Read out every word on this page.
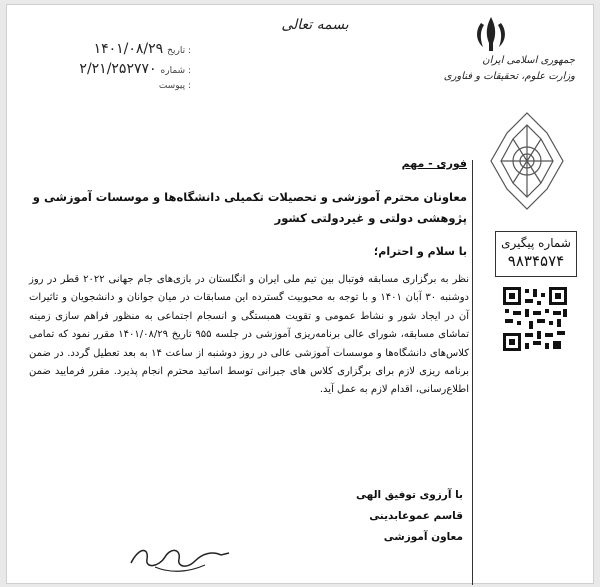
بسمه تعالی
تاریخ :
۱۴۰۱/۰۸/۲۹
شماره :
۲/۲۱/۲۵۲۷۷۰
پیوست :
جمهوری اسلامی ایران
وزارت علوم، تحقیقات و فناوری
فوری - مهم
معاونان محترم آموزشی و تحصیلات تکمیلی دانشگاه‌ها و موسسات آموزشی و پژوهشی دولتی و غیردولتی کشور
با سلام و احترام؛
نظر به برگزاری مسابقه فوتبال بین تیم ملی ایران و انگلستان در بازی‌های جام جهانی ۲۰۲۲ قطر در روز دوشنبه ۳۰ آبان ۱۴۰۱ و با توجه به محبوبیت گسترده این مسابقات در میان جوانان و دانشجویان و تاثیرات آن در ایجاد شور و نشاط عمومی و تقویت همبستگی و انسجام اجتماعی به منظور فراهم سازی زمینه تماشای مسابقه، شورای عالی برنامه‌ریزی آموزشی در جلسه ۹۵۵ تاریخ ۱۴۰۱/۰۸/۲۹ مقرر نمود که تمامی کلاس‌های دانشگاه‌ها و موسسات آموزشی عالی در روز دوشنبه از ساعت ۱۴ به بعد تعطیل گردد. در ضمن برنامه ریزی لازم برای برگزاری کلاس های جبرانی توسط اساتید محترم انجام پذیرد. مقرر فرمایید ضمن اطلاع‌رسانی، اقدام لازم به عمل آید.
با آرزوی توفیق الهی
قاسم عموعابدینی
معاون آموزشی
شماره پیگیری
۹۸۳۴۵۷۴
